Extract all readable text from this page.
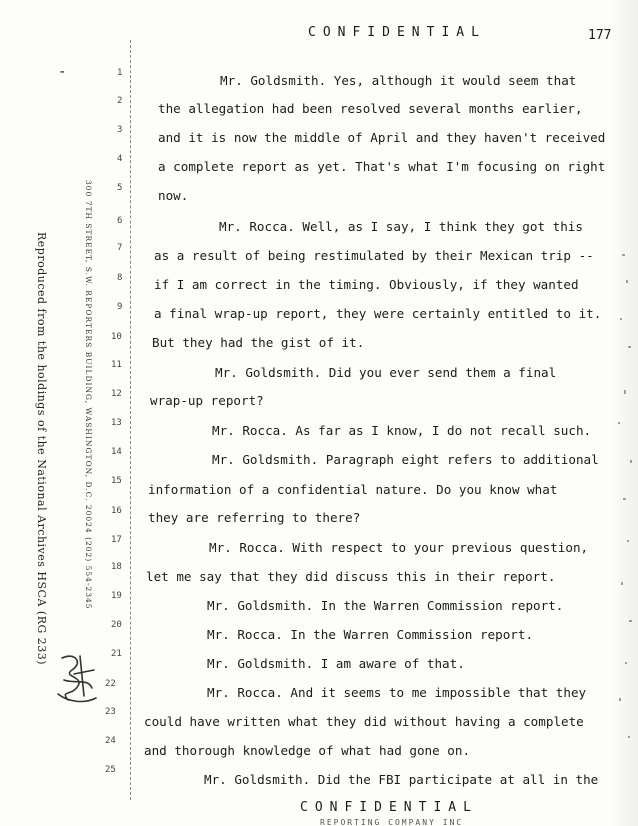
CONFIDENTIAL	177
-
Reproduced from the holdings of the National Archives HSCA (RG 233)	300 7TH STREET, S.W. REPORTERS BUILDING, WASHINGTON, D.C. 20024 (202) 554-2345
1
2
3
4
5
6
7
8
9
10
11
12
13
14
15
16
17
18
19
20
21
22
23
24
25
Mr. Goldsmith. Yes, although it would seem that
the allegation had been resolved several months earlier,
and it is now the middle of April and they haven't received
a complete report as yet. That's what I'm focusing on right
now.
Mr. Rocca. Well, as I say, I think they got this
as a result of being restimulated by their Mexican trip --
if I am correct in the timing. Obviously, if they wanted
a final wrap-up report, they were certainly entitled to it.
But they had the gist of it.
Mr. Goldsmith. Did you ever send them a final
wrap-up report?
Mr. Rocca. As far as I know, I do not recall such.
Mr. Goldsmith. Paragraph eight refers to additional
information of a confidential nature. Do you know what
they are referring to there?
Mr. Rocca. With respect to your previous question,
let me say that they did discuss this in their report.
Mr. Goldsmith. In the Warren Commission report.
Mr. Rocca. In the Warren Commission report.
Mr. Goldsmith. I am aware of that.
Mr. Rocca. And it seems to me impossible that they
could have written what they did without having a complete
and thorough knowledge of what had gone on.
Mr. Goldsmith. Did the FBI participate at all in the
CONFIDENTIAL
REPORTING COMPANY INC
